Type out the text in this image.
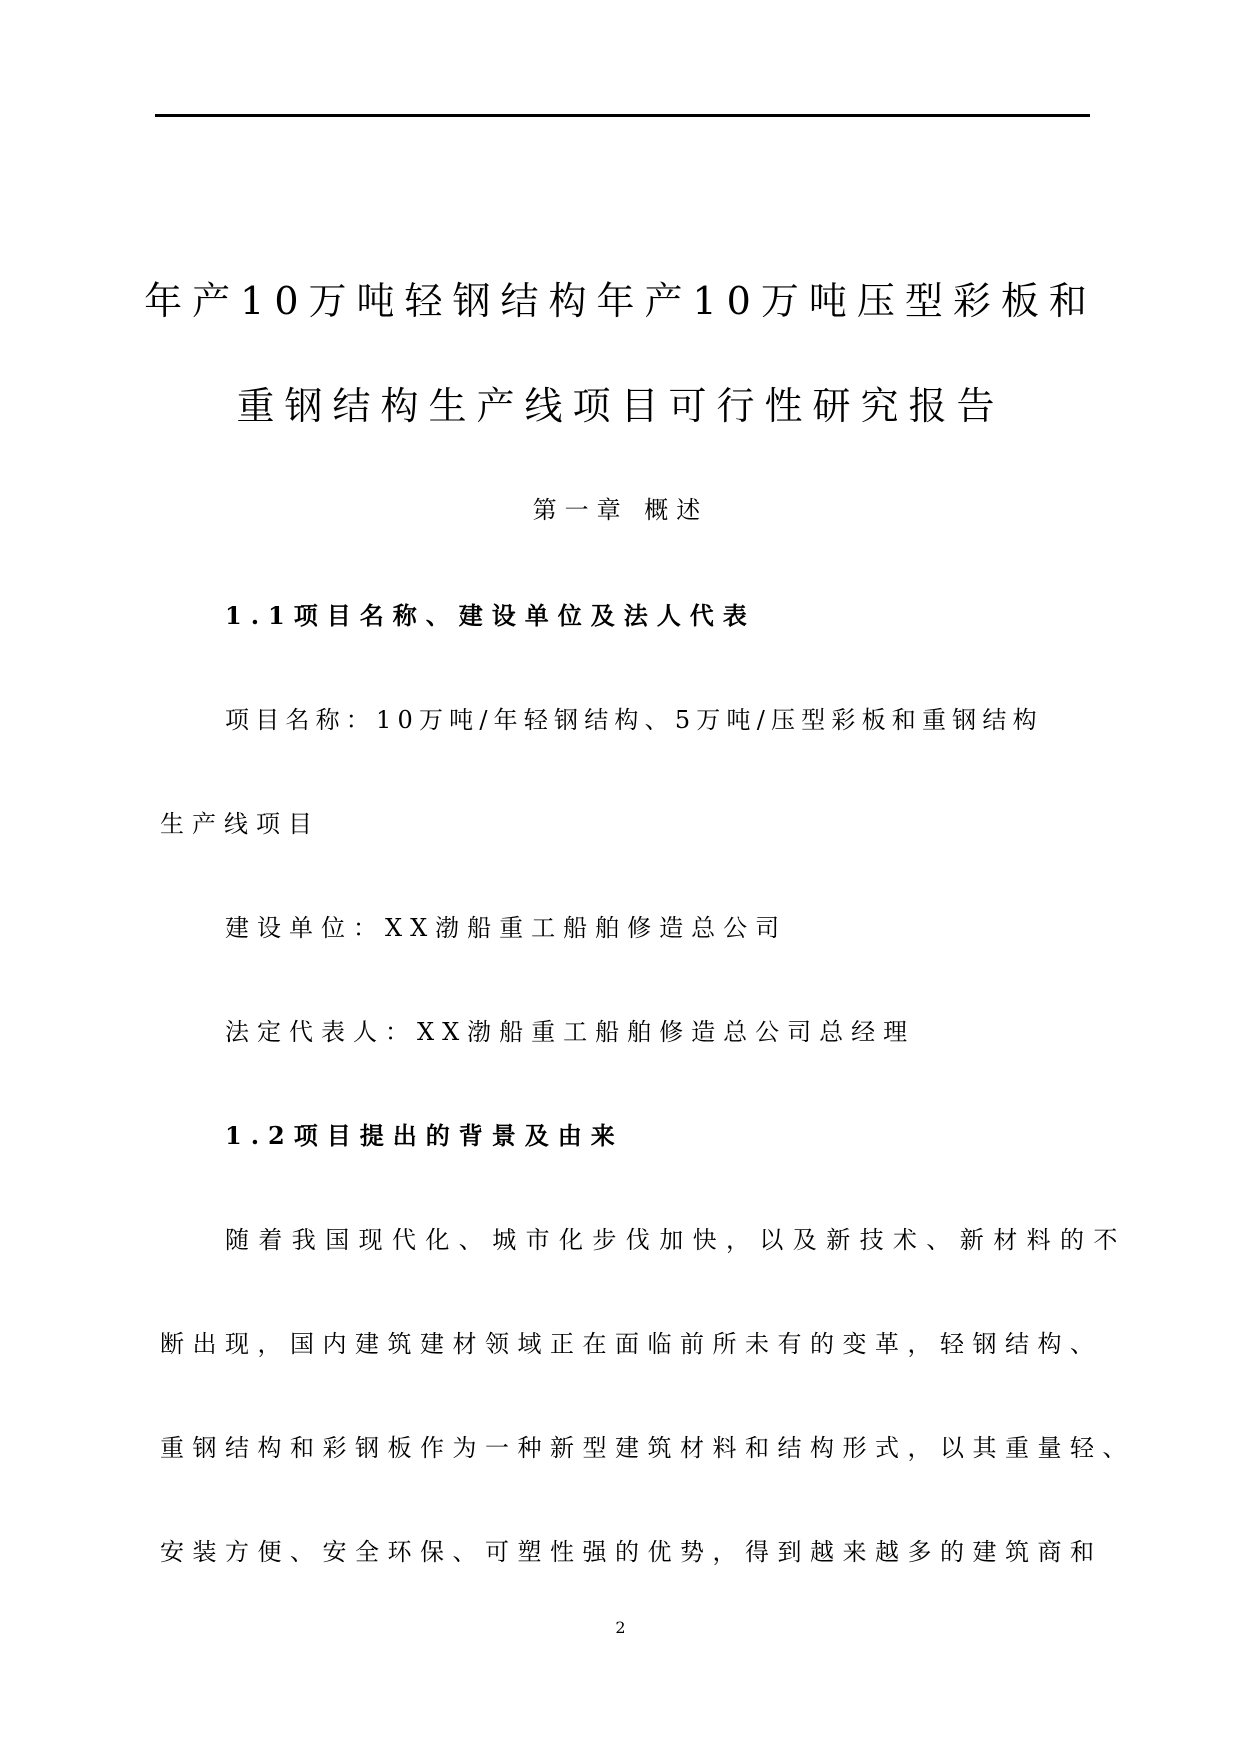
年产10万吨轻钢结构年产10万吨压型彩板和
重钢结构生产线项目可行性研究报告
第一章 概述
1.1项目名称、建设单位及法人代表
项目名称：10万吨/年轻钢结构、5万吨/压型彩板和重钢结构
生产线项目
建设单位：XX渤船重工船舶修造总公司
法定代表人：XX渤船重工船舶修造总公司总经理
1.2项目提出的背景及由来
随着我国现代化、城市化步伐加快，以及新技术、新材料的不
断出现，国内建筑建材领域正在面临前所未有的变革，轻钢结构、
重钢结构和彩钢板作为一种新型建筑材料和结构形式，以其重量轻、
安装方便、安全环保、可塑性强的优势，得到越来越多的建筑商和
2
